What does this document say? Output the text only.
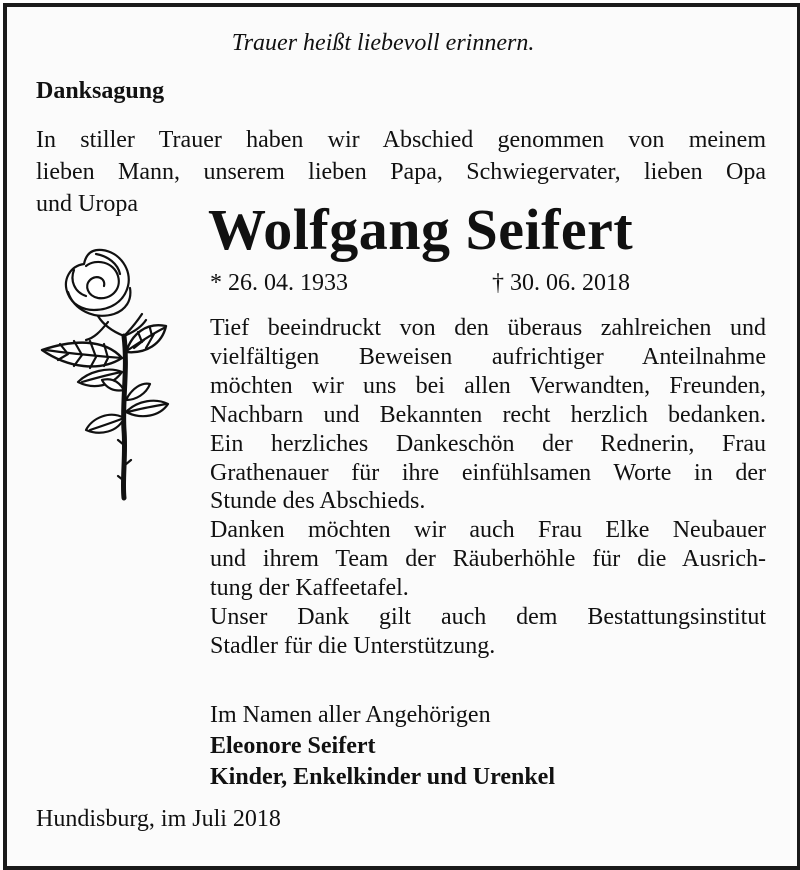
Trauer heißt liebevoll erinnern.
Danksagung
In stiller Trauer haben wir Abschied genommen von meinem
lieben Mann, unserem lieben Papa, Schwiegervater, lieben Opa
und Uropa	Wolfgang Seifert
* 26. 04. 1933	† 30. 06. 2018
Tief beeindruckt von den überaus zahlreichen und
vielfältigen Beweisen aufrichtiger Anteilnahme
möchten wir uns bei allen Verwandten, Freunden,
Nachbarn und Bekannten recht herzlich bedanken.
Ein herzliches Dankeschön der Rednerin, Frau
Grathenauer für ihre einfühlsamen Worte in der
Stunde des Abschieds.
Danken möchten wir auch Frau Elke Neubauer
und ihrem Team der Räuberhöhle für die Ausrich-
tung der Kaffeetafel.
Unser Dank gilt auch dem Bestattungsinstitut
Stadler für die Unterstützung.
Im Namen aller Angehörigen
Eleonore Seifert
Kinder, Enkelkinder und Urenkel
Hundisburg, im Juli 2018
